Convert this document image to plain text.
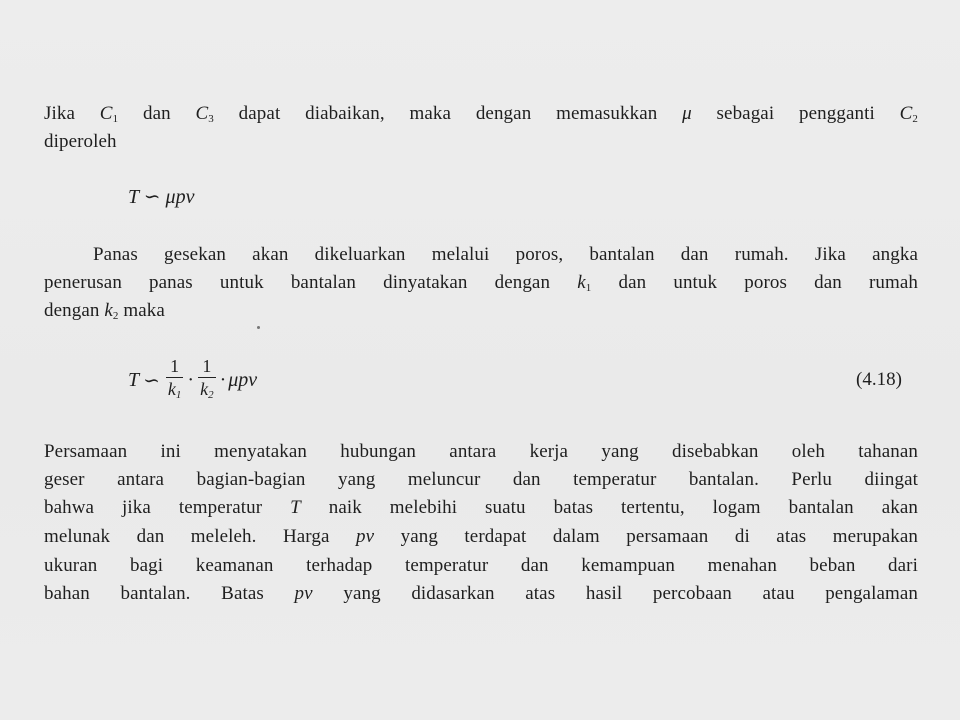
Jika $C_1$ dan $C_3$ dapat diabaikan, maka dengan memasukkan μ sebagai pengganti $C_2$
diperoleh
T ∽ μpv
Panas gesekan akan dikeluarkan melalui poros, bantalan dan rumah. Jika angka
penerusan panas untuk bantalan dinyatakan dengan $k_1$ dan untuk poros dan rumah
dengan $k_2$ maka
T ∽ $\frac{1}{k_1} \cdot \frac{1}{k_2} \cdot \mu pv$	(4.18)
Persamaan ini menyatakan hubungan antara kerja yang disebabkan oleh tahanan
geser antara bagian-bagian yang meluncur dan temperatur bantalan. Perlu diingat
bahwa jika temperatur T naik melebihi suatu batas tertentu, logam bantalan akan
melunak dan meleleh. Harga pv yang terdapat dalam persamaan di atas merupakan
ukuran bagi keamanan terhadap temperatur dan kemampuan menahan beban dari
bahan bantalan. Batas pv yang didasarkan atas hasil percobaan atau pengalaman
